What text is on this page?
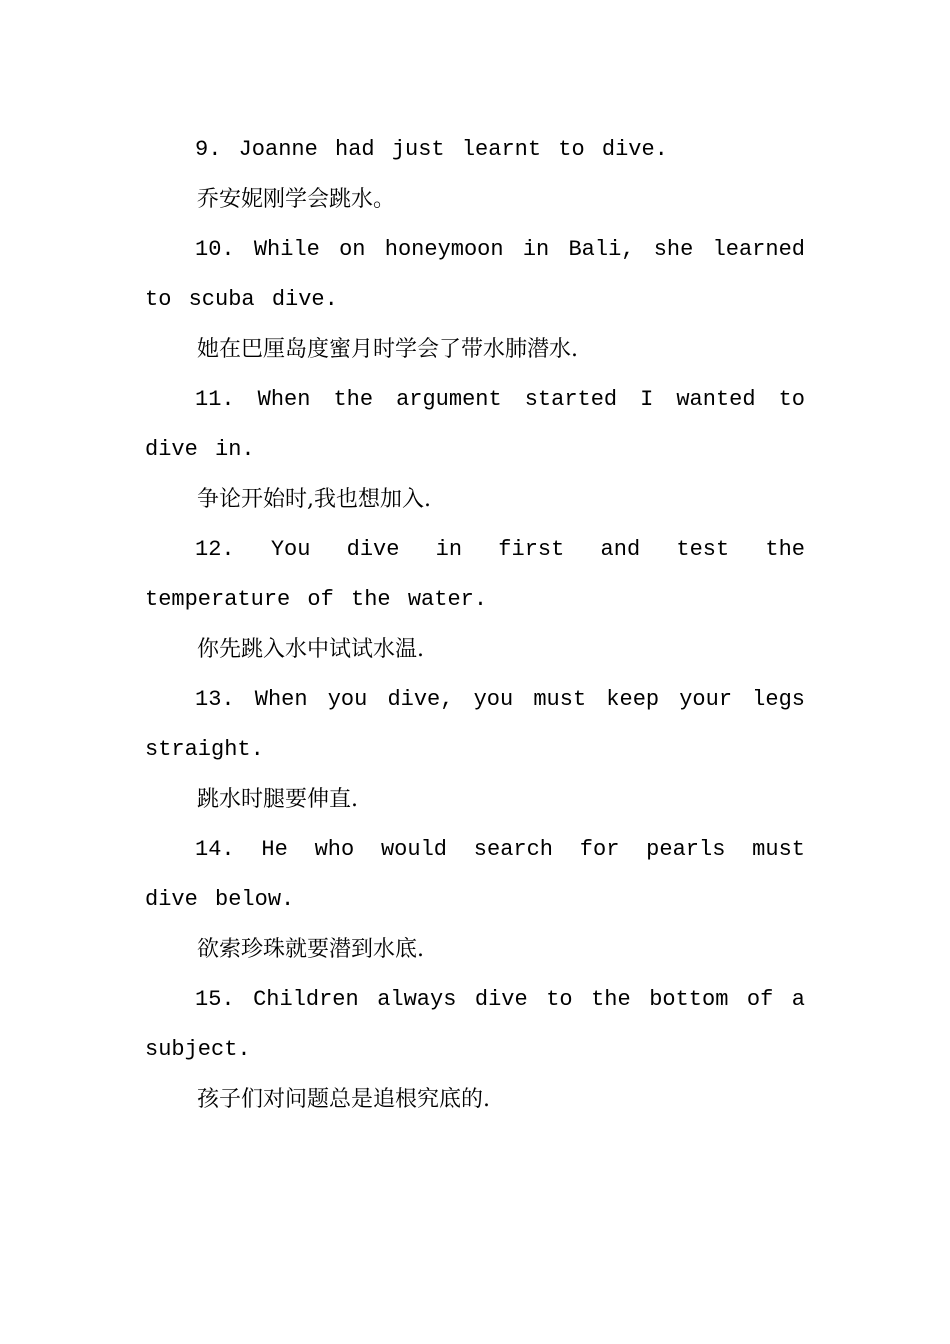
9. Joanne had just learnt to dive.

乔安妮刚学会跳水。

10. While on honeymoon in Bali, she learned to scuba dive.

她在巴厘岛度蜜月时学会了带水肺潜水.

11. When the argument started I wanted to dive in.

争论开始时,我也想加入.

12. You dive in first and test the temperature of the water.

你先跳入水中试试水温.

13. When you dive, you must keep your legs straight.

跳水时腿要伸直.

14. He who would search for pearls must dive below.

欲索珍珠就要潜到水底.

15. Children always dive to the bottom of a subject.

孩子们对问题总是追根究底的.
